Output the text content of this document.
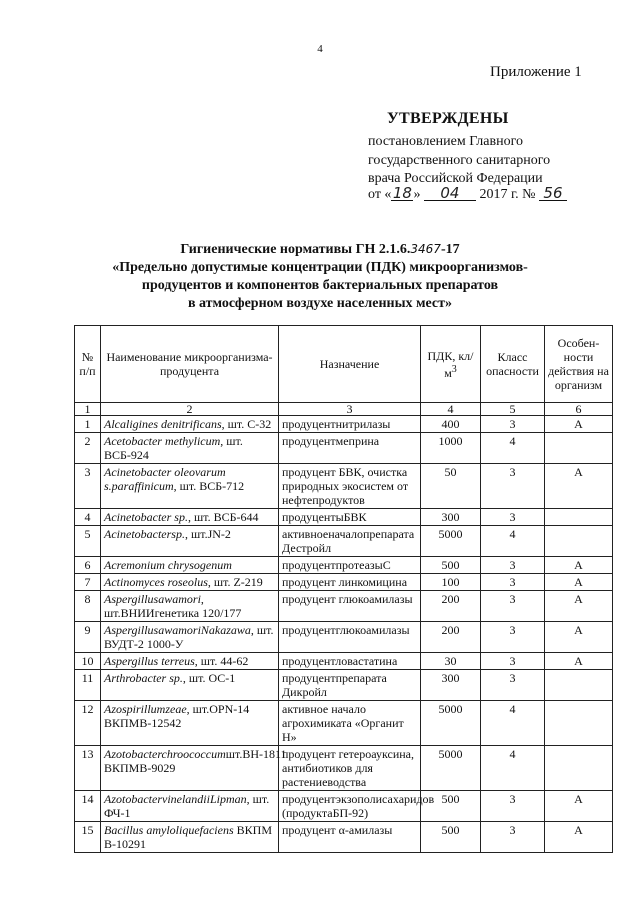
4
Приложение 1
УТВЕРЖДЕНЫ
постановлением Главного
государственного санитарного
врача Российской Федерации
от «18» 04 2017 г. № 56
Гигиенические нормативы ГН 2.1.6.3467-17
«Предельно допустимые концентрации (ПДК) микроорганизмов-
продуцентов и компонентов бактериальных препаратов
в атмосферном воздухе населенных мест»
№ п/п	Наименование микроорганизма-продуцента	Назначение	ПДК, $кл/м^3$	Класс опасности	Особен-ности действия на организм
1	2	3	4	5	6
1	Alcaligines denitrificans, шт. С-32	продуцентнитрилазы	400	3	А
2	Acetobacter methylicum, шт. ВСБ-924	продуцентмеприна	1000	4	
3	Acinetobacter oleovarum s.paraffinicum, шт. ВСБ-712	продуцент БВК, очистка природных экосистем от нефтепродуктов	50	3	А
4	Acinetobacter sp., шт. ВСБ-644	продуцентыБВК	300	3	
5	Acinetobactersp., шт.JN-2	активноеначалопрепарата Дестройл	5000	4	
6	Acremonium chrysogenum	продуцентпротеазыС	500	3	А
7	Actinomyces roseolus, шт. Z-219	продуцент линкомицина	100	3	А
8	Aspergillusawamori, шт.ВНИИгенетика 120/177	продуцент глюкоамилазы	200	3	А
9	AspergillusawamoriNakazawa, шт. ВУДТ-2 1000-У	продуцентглюкоамилазы	200	3	А
10	Aspergillus terreus, шт. 44-62	продуцентловастатина	30	3	А
11	Arthrobacter sp., шт. ОС-1	продуцентпрепарата Дикройл	300	3	
12	Azospirillumzeae, шт.OPN-14 ВКПМВ-12542	активное начало агрохимиката «Органит Н»	5000	4	
13	Azotobacterchroococcumшт.ВН-1811 ВКПМВ-9029	продуцент гетероауксина, антибиотиков для растениеводства	5000	4	
14	AzotobactervinelandiiLipman, шт. ФЧ-1	продуцентэкзополисахаридов (продуктаБП-92)	500	3	А
15	Bacillus amyloliquefaciens ВКПМ В-10291	продуцент α-амилазы	500	3	А
